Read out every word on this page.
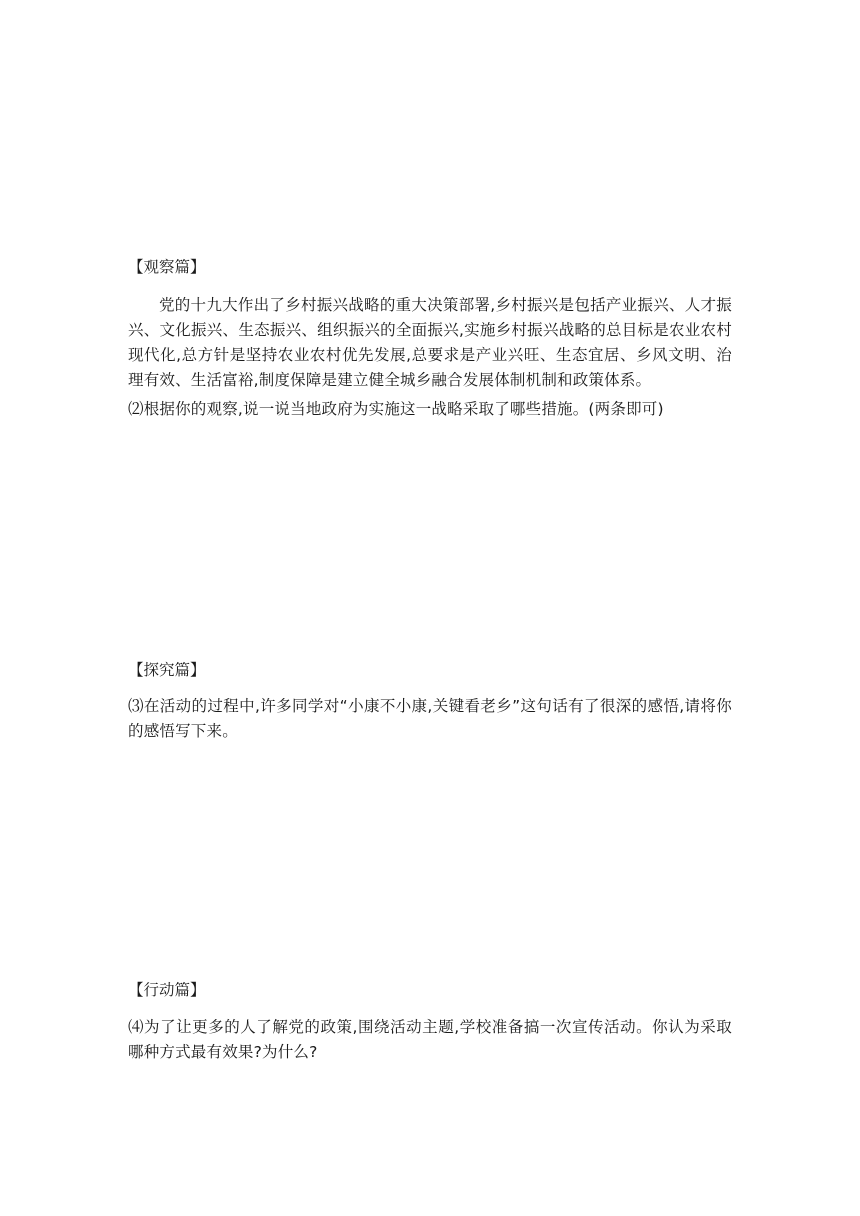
【观察篇】
党的十九大作出了乡村振兴战略的重大决策部署,乡村振兴是包括产业振兴、人才振兴、文化振兴、生态振兴、组织振兴的全面振兴,实施乡村振兴战略的总目标是农业农村现代化,总方针是坚持农业农村优先发展,总要求是产业兴旺、生态宜居、乡风文明、治理有效、生活富裕,制度保障是建立健全城乡融合发展体制机制和政策体系。
⑵根据你的观察,说一说当地政府为实施这一战略采取了哪些措施。(两条即可)
【探究篇】
⑶在活动的过程中,许多同学对“小康不小康,关键看老乡”这句话有了很深的感悟,请将你的感悟写下来。
【行动篇】
⑷为了让更多的人了解党的政策,围绕活动主题,学校准备搞一次宣传活动。你认为采取哪种方式最有效果?为什么?
